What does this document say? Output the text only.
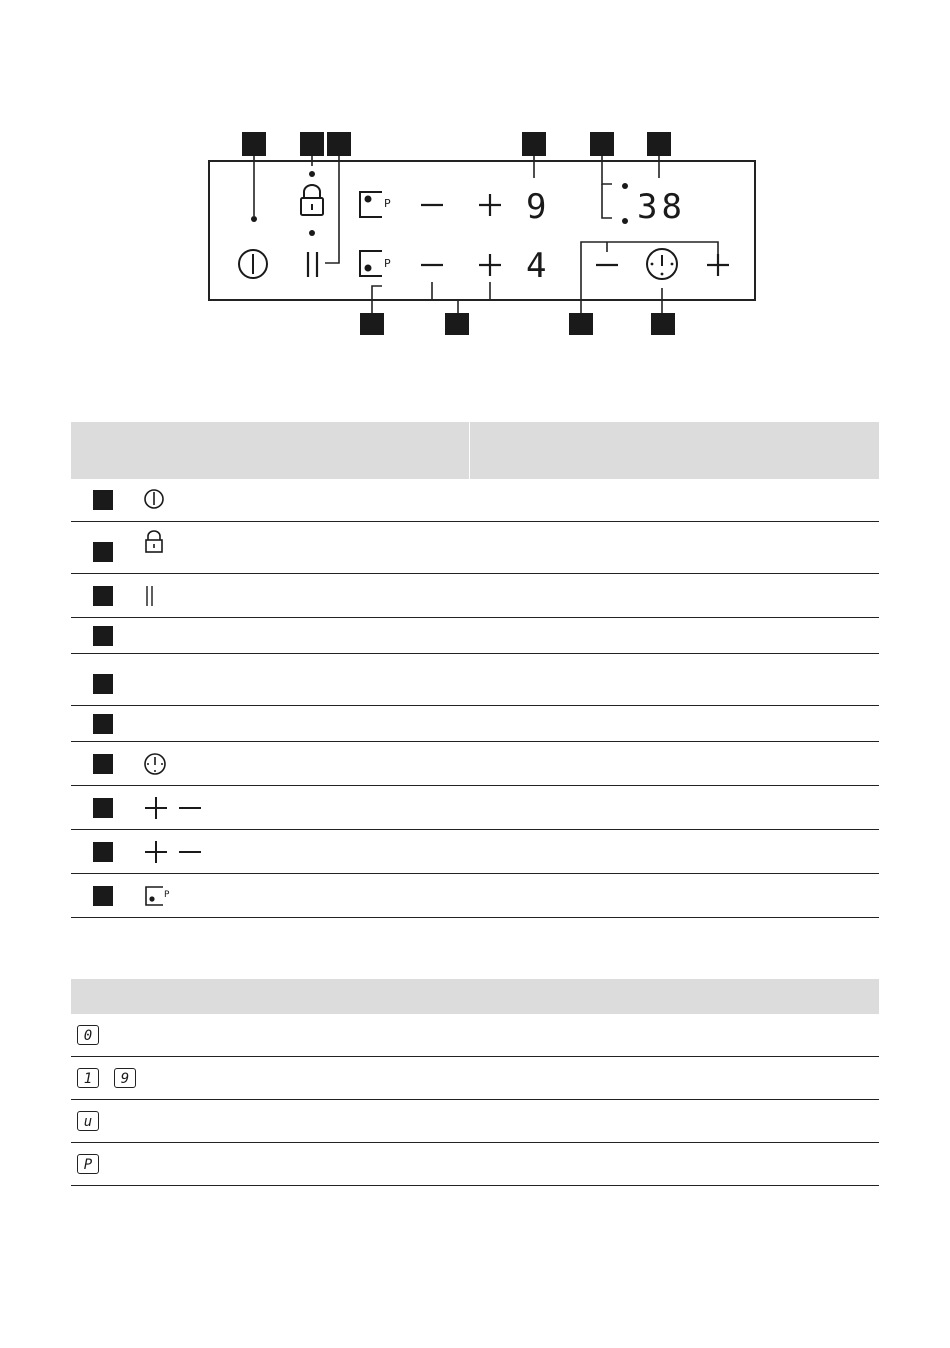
P
P
9
4
38
P
0
1	9
u
P
